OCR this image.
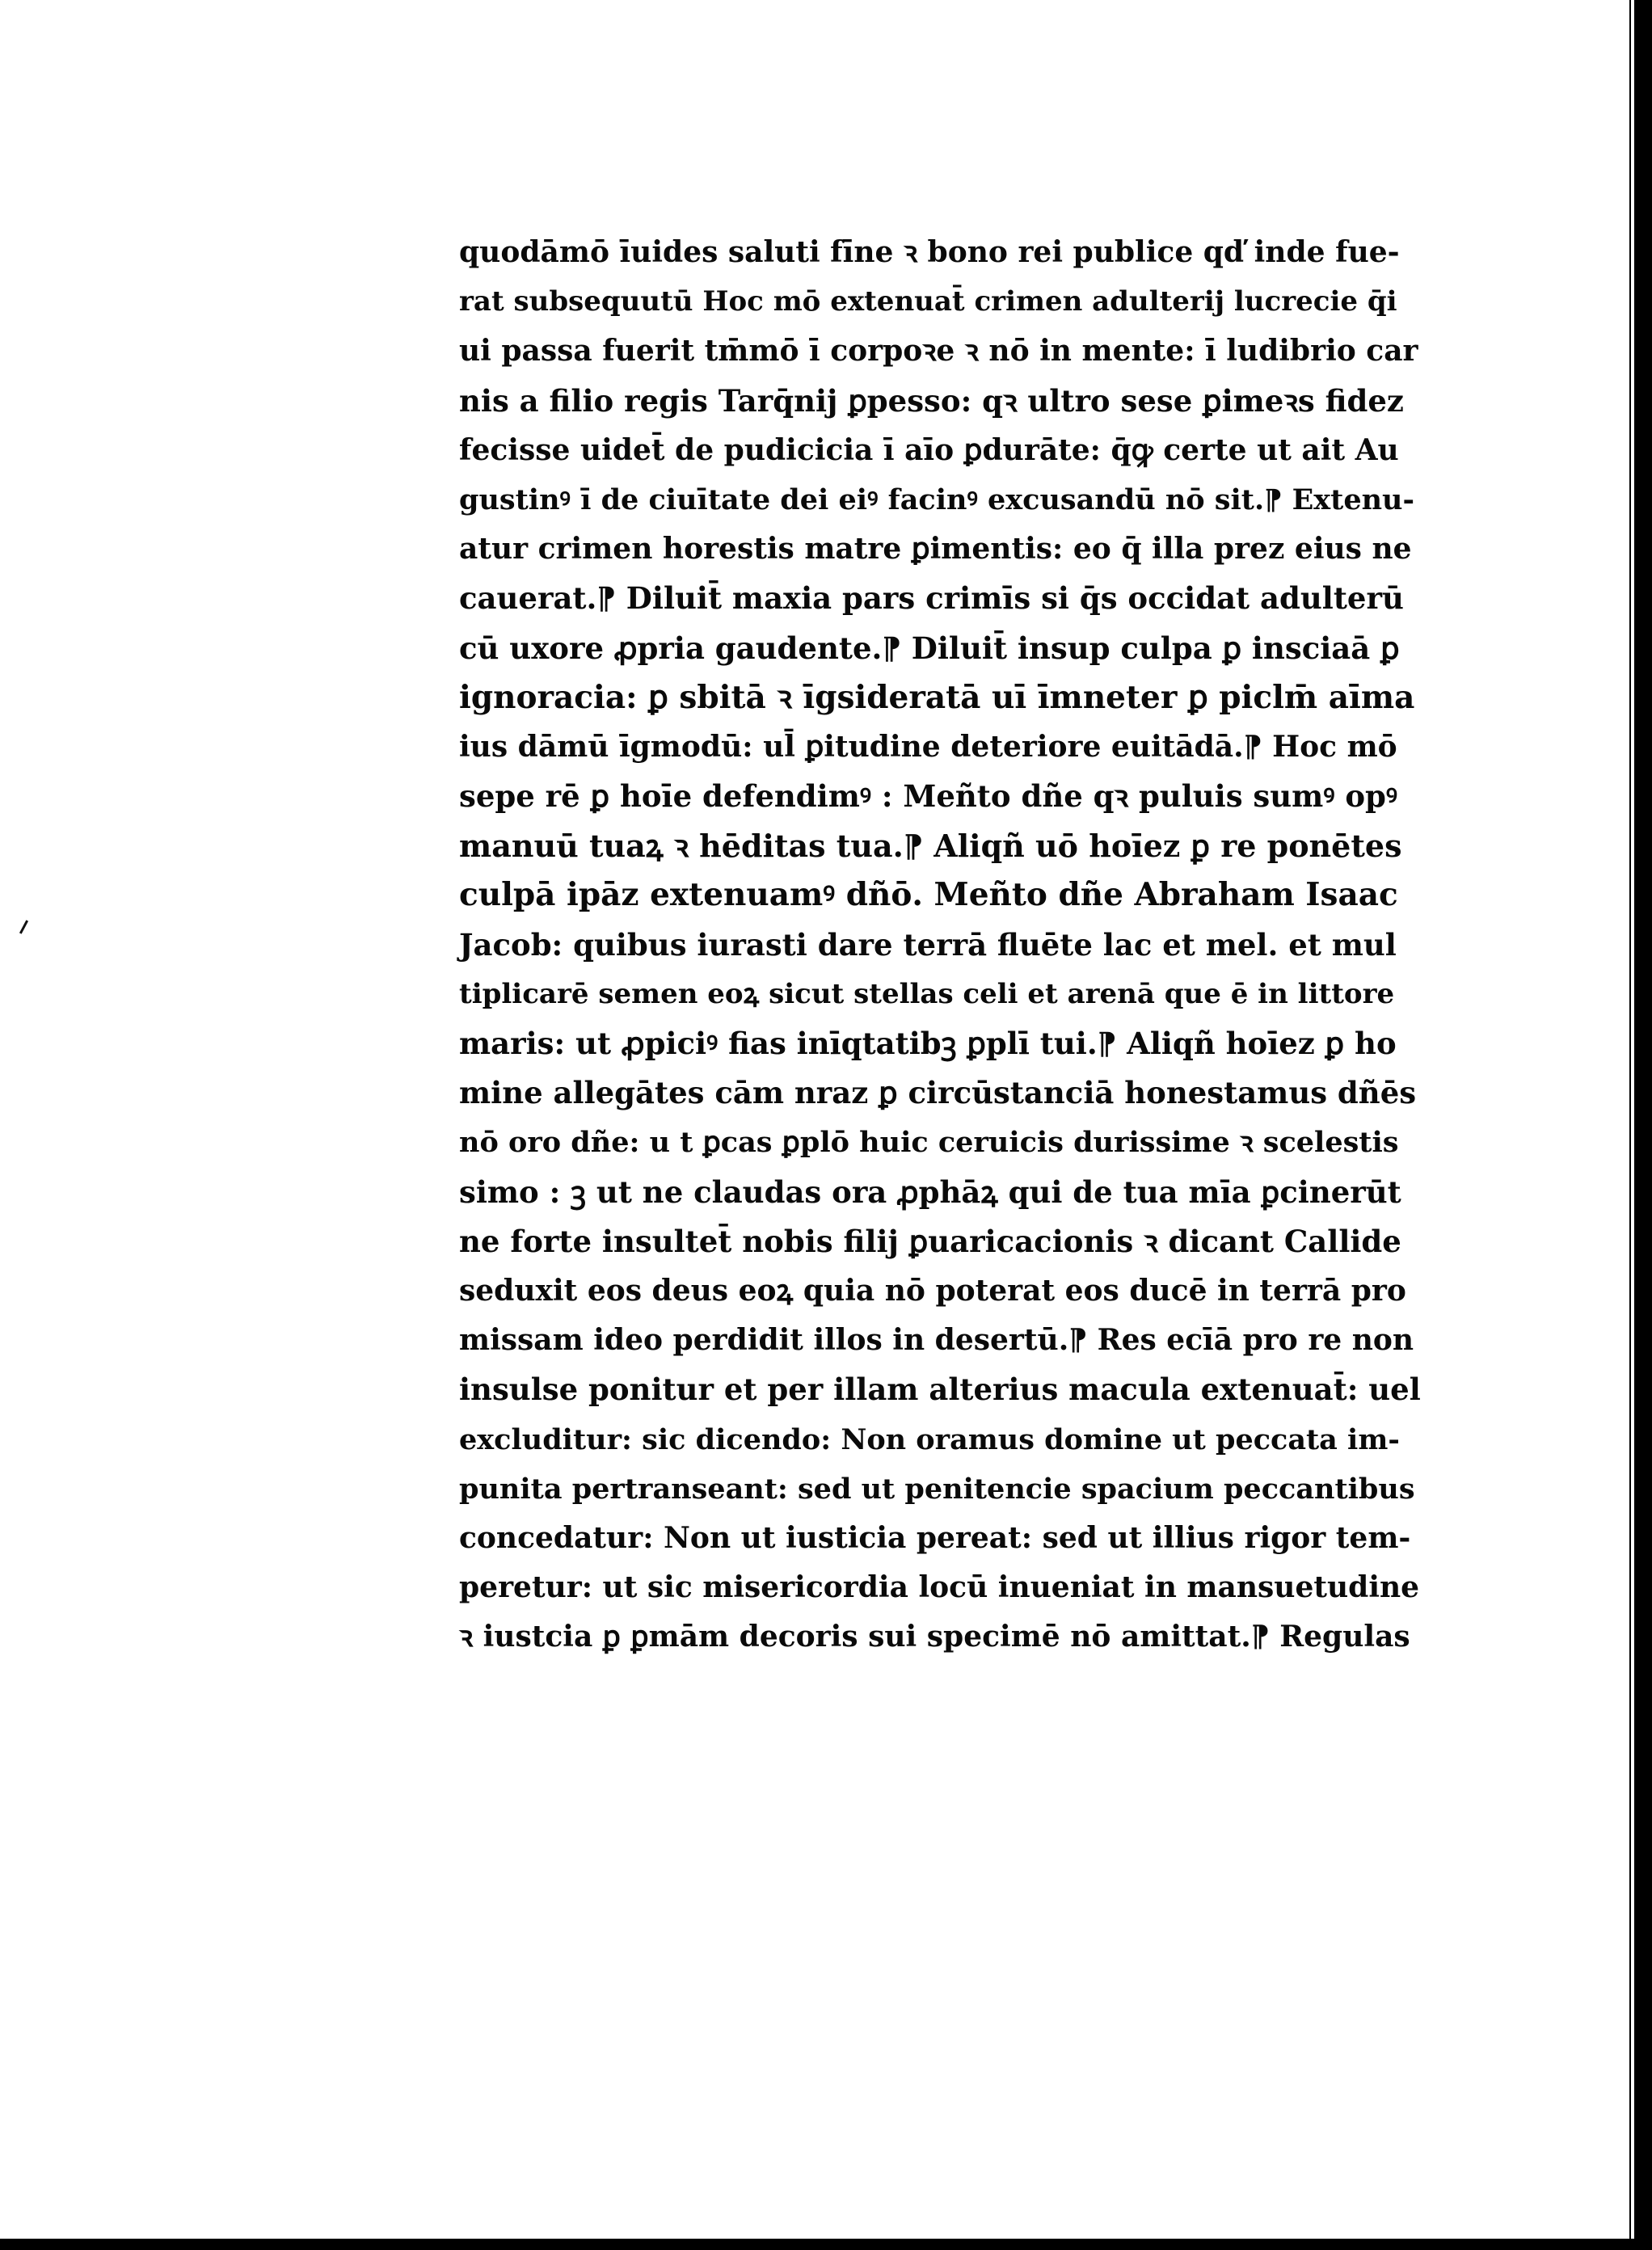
quodāmō īuides saluti fīne ꝛ bono rei publice qď inde fue-
rat subsequutū Hoc mō extenuat̄ crimen adulterij lucrecie q̄i
ui passa fuerit tm̄mō ī corpoꝛe ꝛ nō in mente: ī ludibrio car
nis a filio regis Tarq̄nij ꝑpesso: qꝛ ultro sese ꝑimeꝛs fidez
fecisse uidet̄ de pudicicia ī aīo ꝑdurāte: q̄ꝙ certe ut ait Au
gustinꝰ ī de ciuītate dei eiꝰ facinꝰ excusandū nō sit.⁋ Extenu-
atur crimen horestis matre ꝑimentis: eo q̄ illa prez eius ne
cauerat.⁋ Diluit̄ maxia pars crimīs si q̄s occidat adulterū
cū uxore ꝓpria gaudente.⁋ Diluit̄ insup culpa ꝑ insciaā ꝑ
ignoracia: ꝑ sbitā ꝛ īgsideratā uī īmneter ꝑ piclm̄ aīma
ius dāmū īgmodū: ul̄ ꝑitudine deteriore euitādā.⁋ Hoc mō
sepe rē ꝑ hoīe defendimꝰ : Meñto dñe qꝛ puluis sumꝰ opꝰ
manuū tuaꝝ ꝛ hēditas tua.⁋ Aliqñ uō hoīez ꝑ re ponētes
culpā ipāz extenuamꝰ dñō. Meñto dñe Abraham Isaac
Jacob: quibus iurasti dare terrā fluēte lac et mel. et mul
tiplicarē semen eoꝝ sicut stellas celi et arenā que ē in littore
maris: ut ꝓpiciꝰ fias inīqtatibꝫ ꝑplī tui.⁋ Aliqñ hoīez ꝑ ho
mine allegātes cām nraz ꝑ circūstanciā honestamus dñēs
nō oro dñe: u t ꝑcas ꝑplō huic ceruicis durissime ꝛ scelestis
simo : ꝫ ut ne claudas ora ꝓphāꝝ qui de tua mīa ꝑcinerūt
ne forte insultet̄ nobis filij ꝑuaricacionis ꝛ dicant Callide
seduxit eos deus eoꝝ quia nō poterat eos ducē in terrā pro
missam ideo perdidit illos in desertū.⁋ Res ecīā pro re non
insulse ponitur et per illam alterius macula extenuat̄: uel
excluditur: sic dicendo: Non oramus domine ut peccata im-
punita pertranseant: sed ut penitencie spacium peccantibus
concedatur: Non ut iusticia pereat: sed ut illius rigor tem-
peretur: ut sic misericordia locū inueniat in mansuetudine
ꝛ iustcia ꝑ ꝑmām decoris sui specimē nō amittat.⁋ Regulas
